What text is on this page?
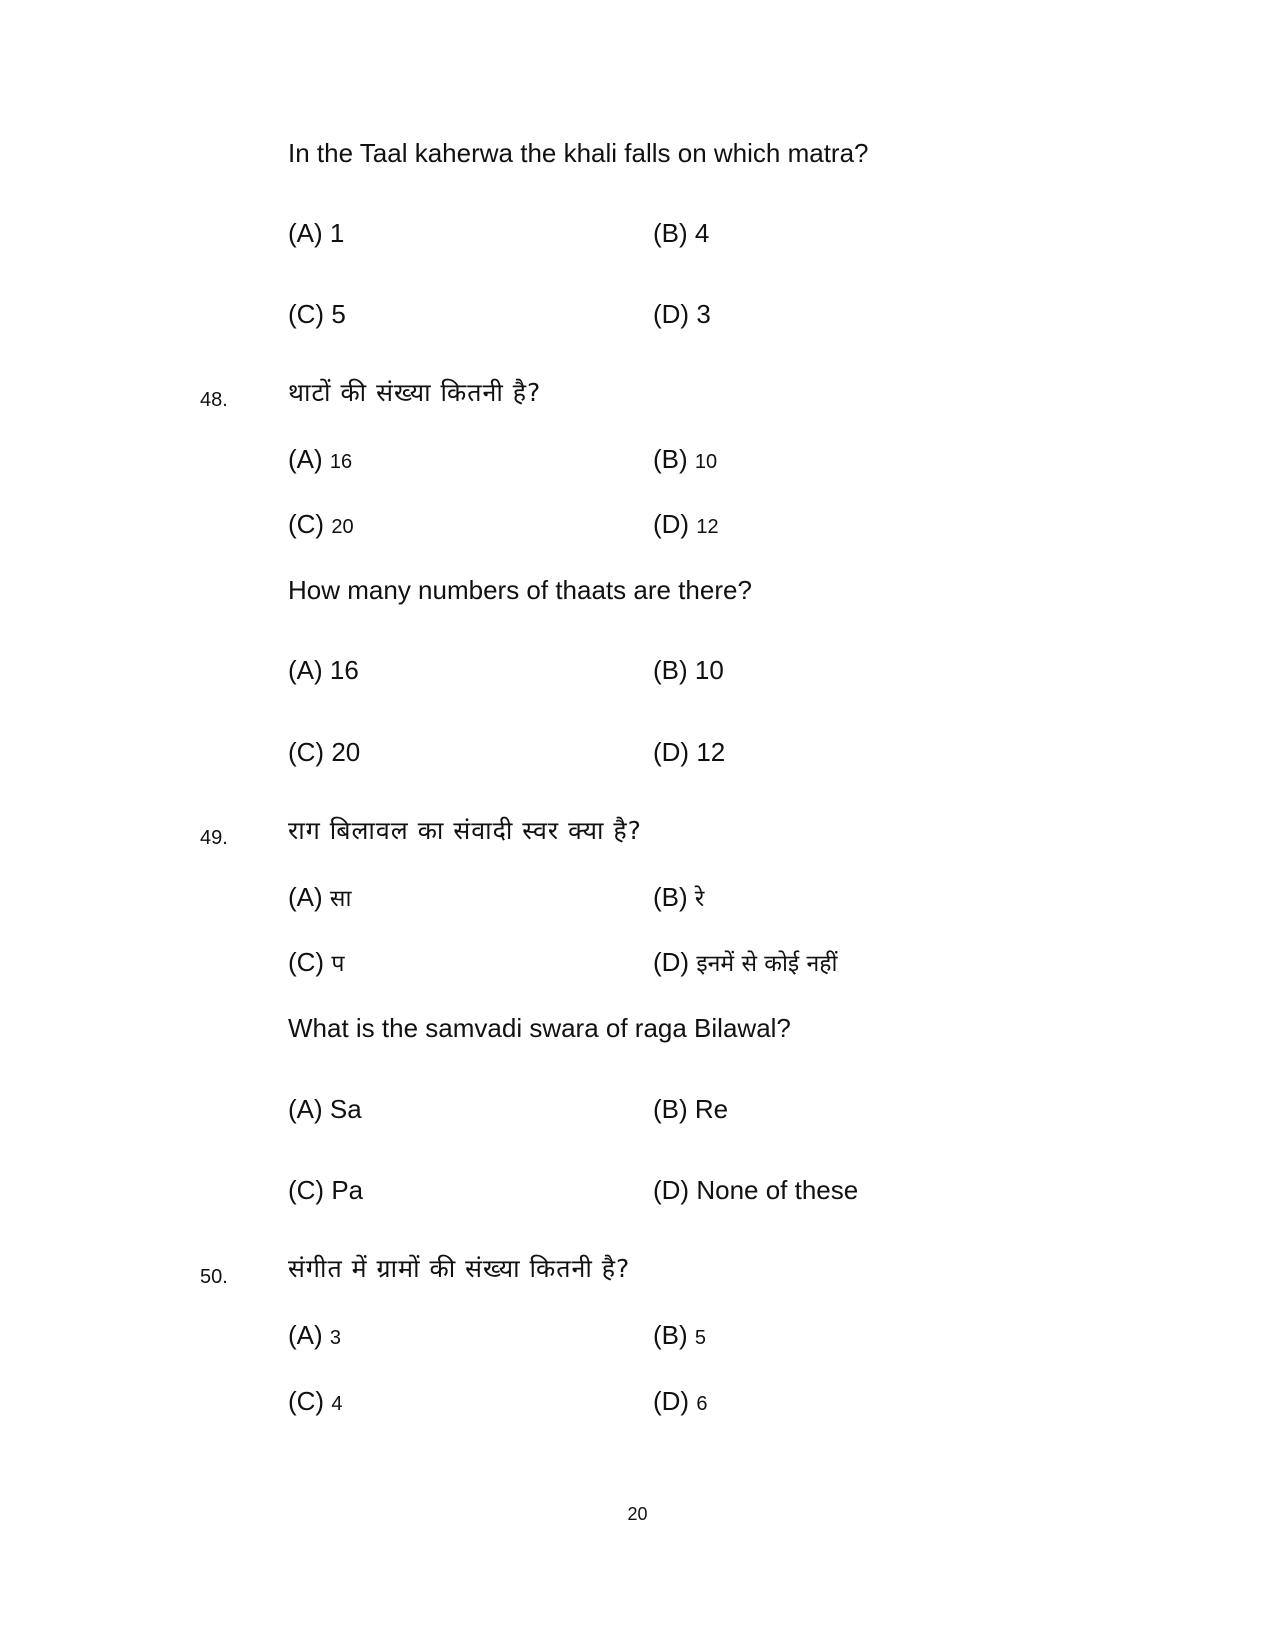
In the Taal kaherwa the khali falls on which matra?
(A) 1	(B) 4
(C) 5	(D) 3
48. थाटों की संख्या कितनी है?
(A) 16	(B) 10
(C) 20	(D) 12
How many numbers of thaats are there?
(A) 16	(B) 10
(C) 20	(D) 12
49. राग बिलावल का संवादी स्वर क्या है?
(A) सा	(B) रे
(C) प	(D) इनमें से कोई नहीं
What is the samvadi swara of raga Bilawal?
(A) Sa	(B) Re
(C) Pa	(D) None of these
50. संगीत में ग्रामों की संख्या कितनी है?
(A) 3	(B) 5
(C) 4	(D) 6
20
